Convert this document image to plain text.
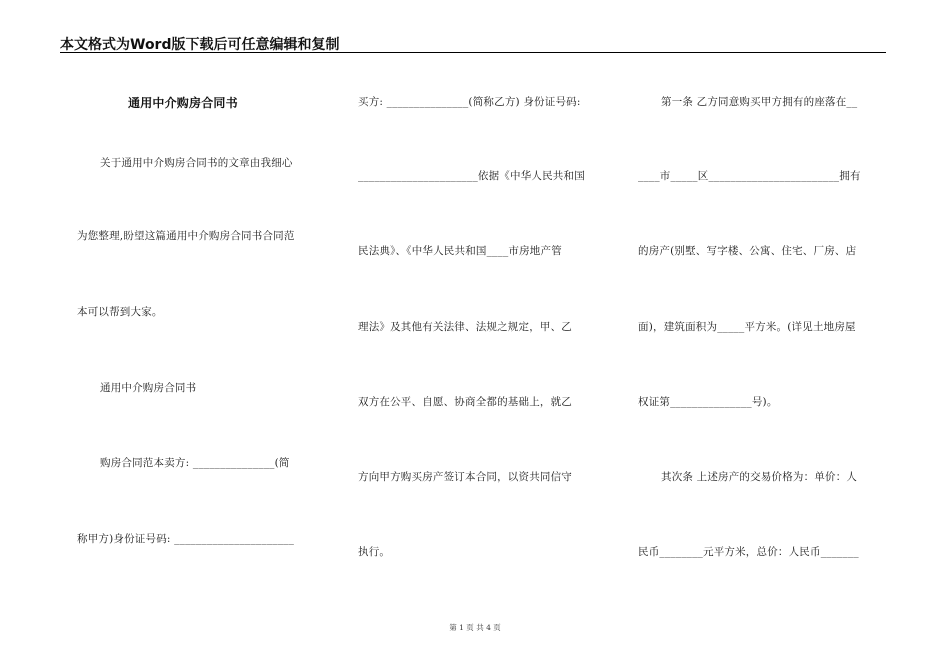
本文格式为Word版下载后可任意编辑和复制
通用中介购房合同书
关于通用中介购房合同书的文章由我细心
为您整理,盼望这篇通用中介购房合同书合同范
本可以帮到大家。
通用中介购房合同书
购房合同范本卖方: _______________(简
称甲方)身份证号码: ______________________
买方: _______________(简称乙方) 身份证号码:
______________________依据《中华人民共和国
民法典》、《中华人民共和国____市房地产管
理法》及其他有关法律、法规之规定，甲、乙
双方在公平、自愿、协商全都的基础上，就乙
方向甲方购买房产签订本合同，以资共同信守
执行。
第一条 乙方同意购买甲方拥有的座落在__
____市_____区________________________拥有
的房产(别墅、写字楼、公寓、住宅、厂房、店
面)，建筑面积为_____平方米。(详见土地房屋
权证第_______________号)。
其次条 上述房产的交易价格为：单价：人
民币________元平方米，总价：人民币_______
第 1 页 共 4 页
